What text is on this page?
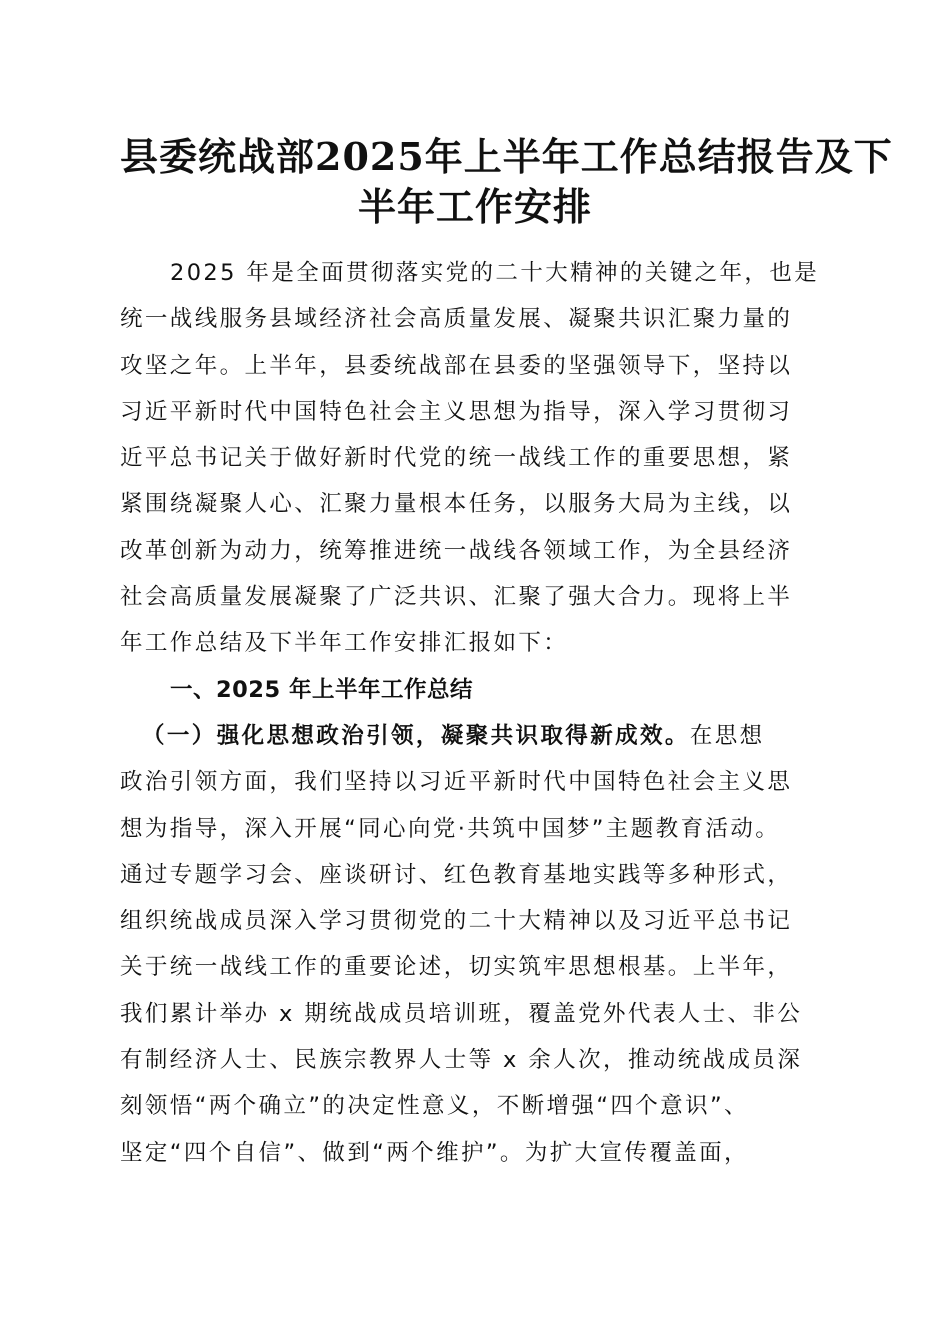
县委统战部2025年上半年工作总结报告及下
半年工作安排

2025 年是全面贯彻落实党的二十大精神的关键之年，也是
统一战线服务县域经济社会高质量发展、凝聚共识汇聚力量的
攻坚之年。上半年，县委统战部在县委的坚强领导下，坚持以
习近平新时代中国特色社会主义思想为指导，深入学习贯彻习
近平总书记关于做好新时代党的统一战线工作的重要思想，紧
紧围绕凝聚人心、汇聚力量根本任务，以服务大局为主线，以
改革创新为动力，统筹推进统一战线各领域工作，为全县经济
社会高质量发展凝聚了广泛共识、汇聚了强大合力。现将上半
年工作总结及下半年工作安排汇报如下：

一、2025 年上半年工作总结

（一）强化思想政治引领，凝聚共识取得新成效。在思想
政治引领方面，我们坚持以习近平新时代中国特色社会主义思
想为指导，深入开展“同心向党·共筑中国梦”主题教育活动。
通过专题学习会、座谈研讨、红色教育基地实践等多种形式，
组织统战成员深入学习贯彻党的二十大精神以及习近平总书记
关于统一战线工作的重要论述，切实筑牢思想根基。上半年，
我们累计举办 x 期统战成员培训班，覆盖党外代表人士、非公
有制经济人士、民族宗教界人士等 x 余人次，推动统战成员深
刻领悟“两个确立”的决定性意义，不断增强“四个意识”、
坚定“四个自信”、做到“两个维护”。为扩大宣传覆盖面，
